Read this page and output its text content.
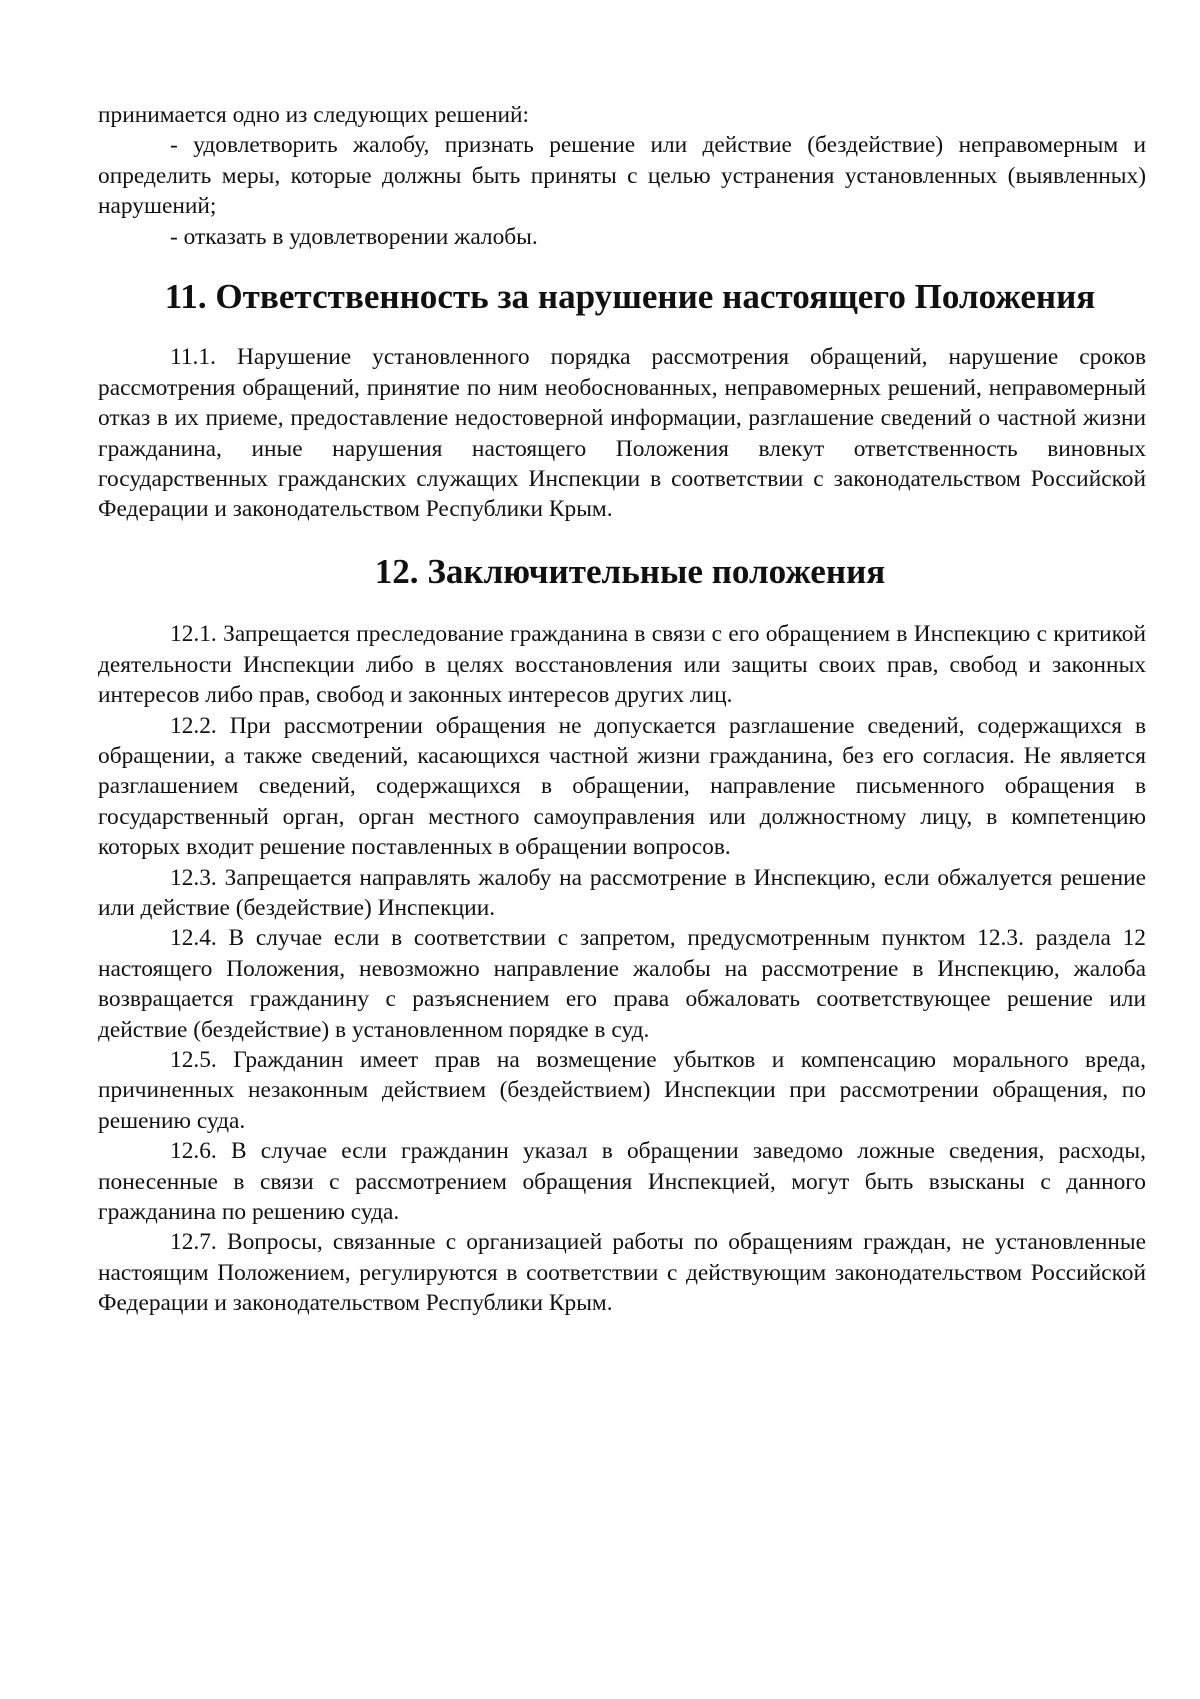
принимается одно из следующих решений:

- удовлетворить жалобу, признать решение или действие (бездействие) неправомерным и определить меры, которые должны быть приняты с целью устранения установленных (выявленных) нарушений;

- отказать в удовлетворении жалобы.

11. Ответственность за нарушение настоящего Положения

11.1. Нарушение установленного порядка рассмотрения обращений, нарушение сроков рассмотрения обращений, принятие по ним необоснованных, неправомерных решений, неправомерный отказ в их приеме, предоставление недостоверной информации, разглашение сведений о частной жизни гражданина, иные нарушения настоящего Положения влекут ответственность виновных государственных гражданских служащих Инспекции в соответствии с законодательством Российской Федерации и законодательством Республики Крым.

12. Заключительные положения

12.1. Запрещается преследование гражданина в связи с его обращением в Инспекцию с критикой деятельности Инспекции либо в целях восстановления или защиты своих прав, свобод и законных интересов либо прав, свобод и законных интересов других лиц.

12.2. При рассмотрении обращения не допускается разглашение сведений, содержащихся в обращении, а также сведений, касающихся частной жизни гражданина, без его согласия. Не является разглашением сведений, содержащихся в обращении, направление письменного обращения в государственный орган, орган местного самоуправления или должностному лицу, в компетенцию которых входит решение поставленных в обращении вопросов.

12.3. Запрещается направлять жалобу на рассмотрение в Инспекцию, если обжалуется решение или действие (бездействие) Инспекции.

12.4. В случае если в соответствии с запретом, предусмотренным пунктом 12.3. раздела 12 настоящего Положения, невозможно направление жалобы на рассмотрение в Инспекцию, жалоба возвращается гражданину с разъяснением его права обжаловать соответствующее решение или действие (бездействие) в установленном порядке в суд.

12.5. Гражданин имеет прав на возмещение убытков и компенсацию морального вреда, причиненных незаконным действием (бездействием) Инспекции при рассмотрении обращения, по решению суда.

12.6. В случае если гражданин указал в обращении заведомо ложные сведения, расходы, понесенные в связи с рассмотрением обращения Инспекцией, могут быть взысканы с данного гражданина по решению суда.

12.7. Вопросы, связанные с организацией работы по обращениям граждан, не установленные настоящим Положением, регулируются в соответствии с действующим законодательством Российской Федерации и законодательством Республики Крым.
